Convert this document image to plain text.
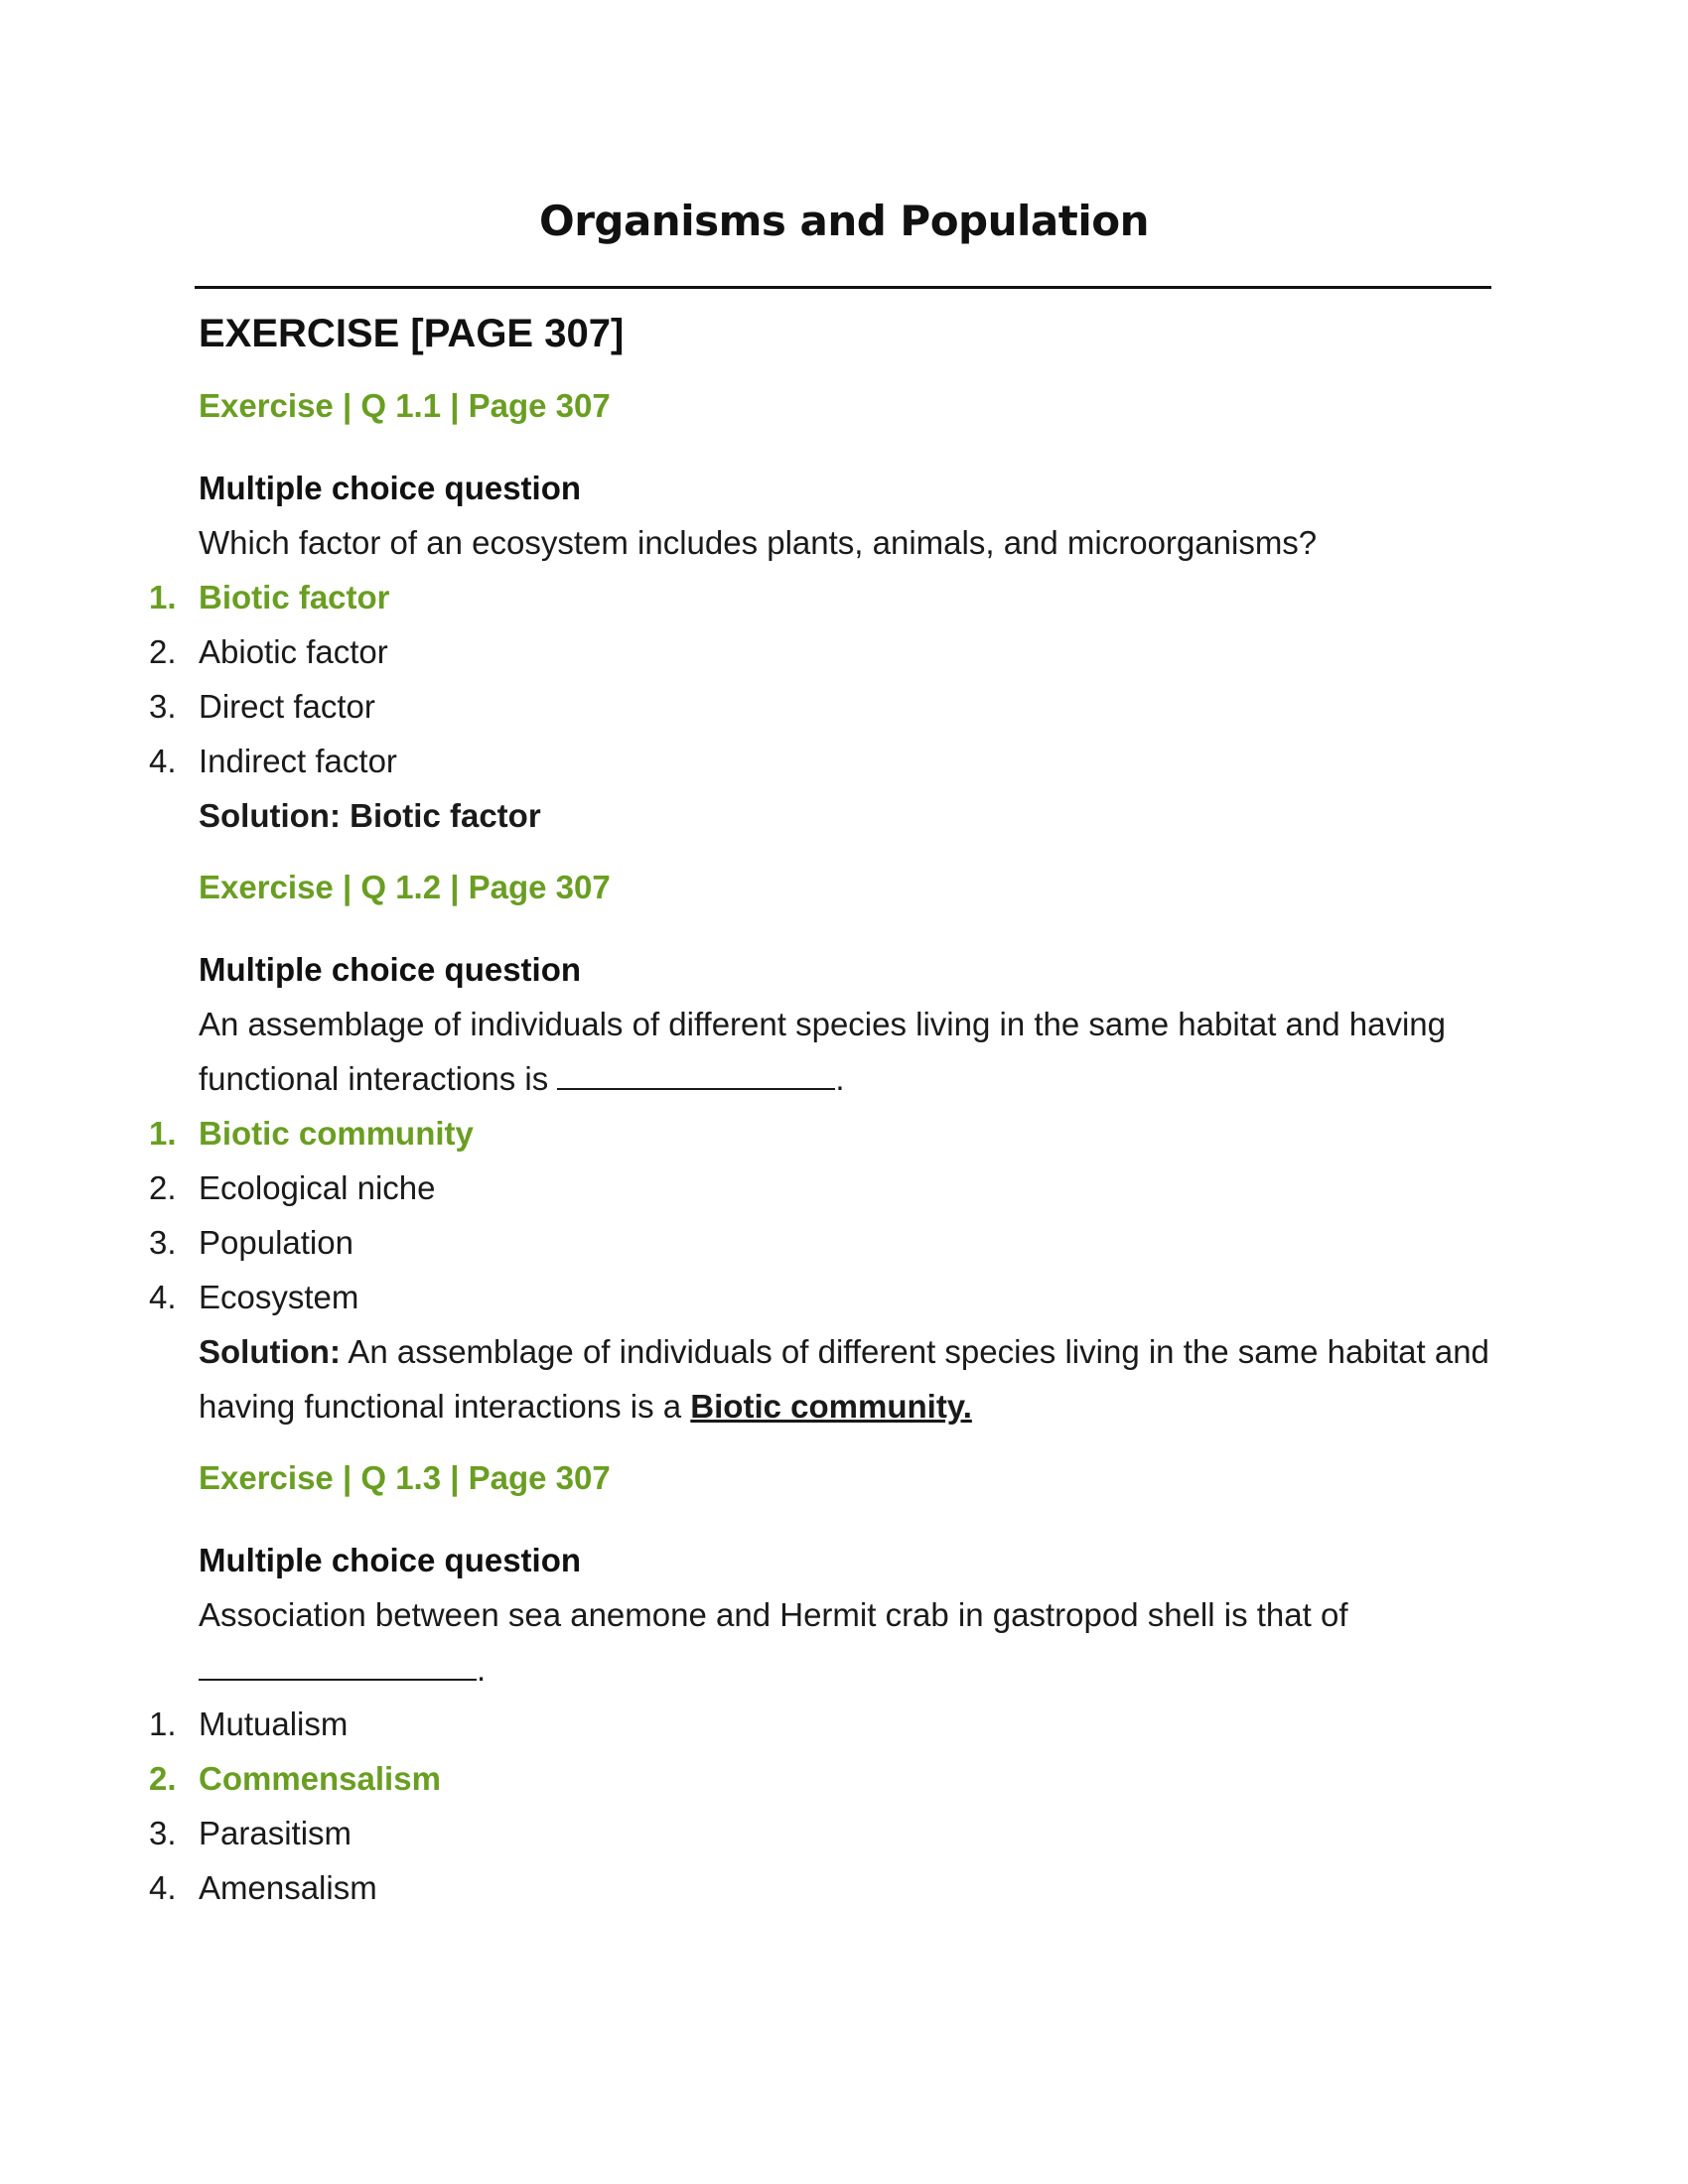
Organisms and Population
EXERCISE [PAGE 307]
Exercise | Q 1.1 | Page 307
Multiple choice question
Which factor of an ecosystem includes plants, animals, and microorganisms?
1. Biotic factor
2. Abiotic factor
3. Direct factor
4. Indirect factor
Solution: Biotic factor
Exercise | Q 1.2 | Page 307
Multiple choice question
An assemblage of individuals of different species living in the same habitat and having functional interactions is	.
1. Biotic community
2. Ecological niche
3. Population
4. Ecosystem
Solution: An assemblage of individuals of different species living in the same habitat and having functional interactions is a Biotic community.
Exercise | Q 1.3 | Page 307
Multiple choice question
Association between sea anemone and Hermit crab in gastropod shell is that of
.
1. Mutualism
2. Commensalism
3. Parasitism
4. Amensalism
